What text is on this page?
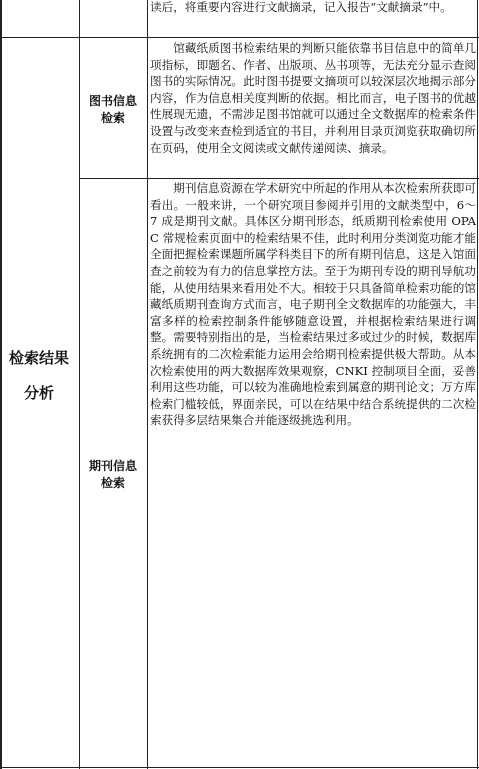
读后，将重要内容进行文献摘录，记入报告“文献摘录”中。
检索结果
分析
图书信息
检索
馆藏纸质图书检索结果的判断只能依靠书目信息中的简单几项指标，即题名、作者、出版项、丛书项等，无法充分显示查阅图书的实际情况。此时图书提要文摘项可以较深层次地揭示部分内容，作为信息相关度判断的依据。相比而言，电子图书的优越性展现无遗，不需涉足图书馆就可以通过全文数据库的检索条件设置与改变来查检到适宜的书目，并利用目录页浏览获取确切所在页码，使用全文阅读或文献传递阅读、摘录。
期刊信息
检索
期刊信息资源在学术研究中所起的作用从本次检索所获即可看出。一般来讲，一个研究项目参阅并引用的文献类型中，6～7 成是期刊文献。具体区分期刊形态，纸质期刊检索使用 OPAC 常规检索页面中的检索结果不佳，此时利用分类浏览功能才能全面把握检索课题所属学科类目下的所有期刊信息，这是入馆面查之前较为有力的信息掌控方法。至于为期刊专设的期刊导航功能，从使用结果来看用处不大。相较于只具备简单检索功能的馆藏纸质期刊查询方式而言，电子期刊全文数据库的功能强大，丰富多样的检索控制条件能够随意设置，并根据检索结果进行调整。需要特别指出的是，当检索结果过多或过少的时候，数据库系统拥有的二次检索能力运用会给期刊检索提供极大帮助。从本次检索使用的两大数据库效果观察，CNKI 控制项目全面，妥善利用这些功能，可以较为准确地检索到属意的期刊论文；万方库检索门槛较低，界面亲民，可以在结果中结合系统提供的二次检索获得多层结果集合并能逐级挑选利用。
